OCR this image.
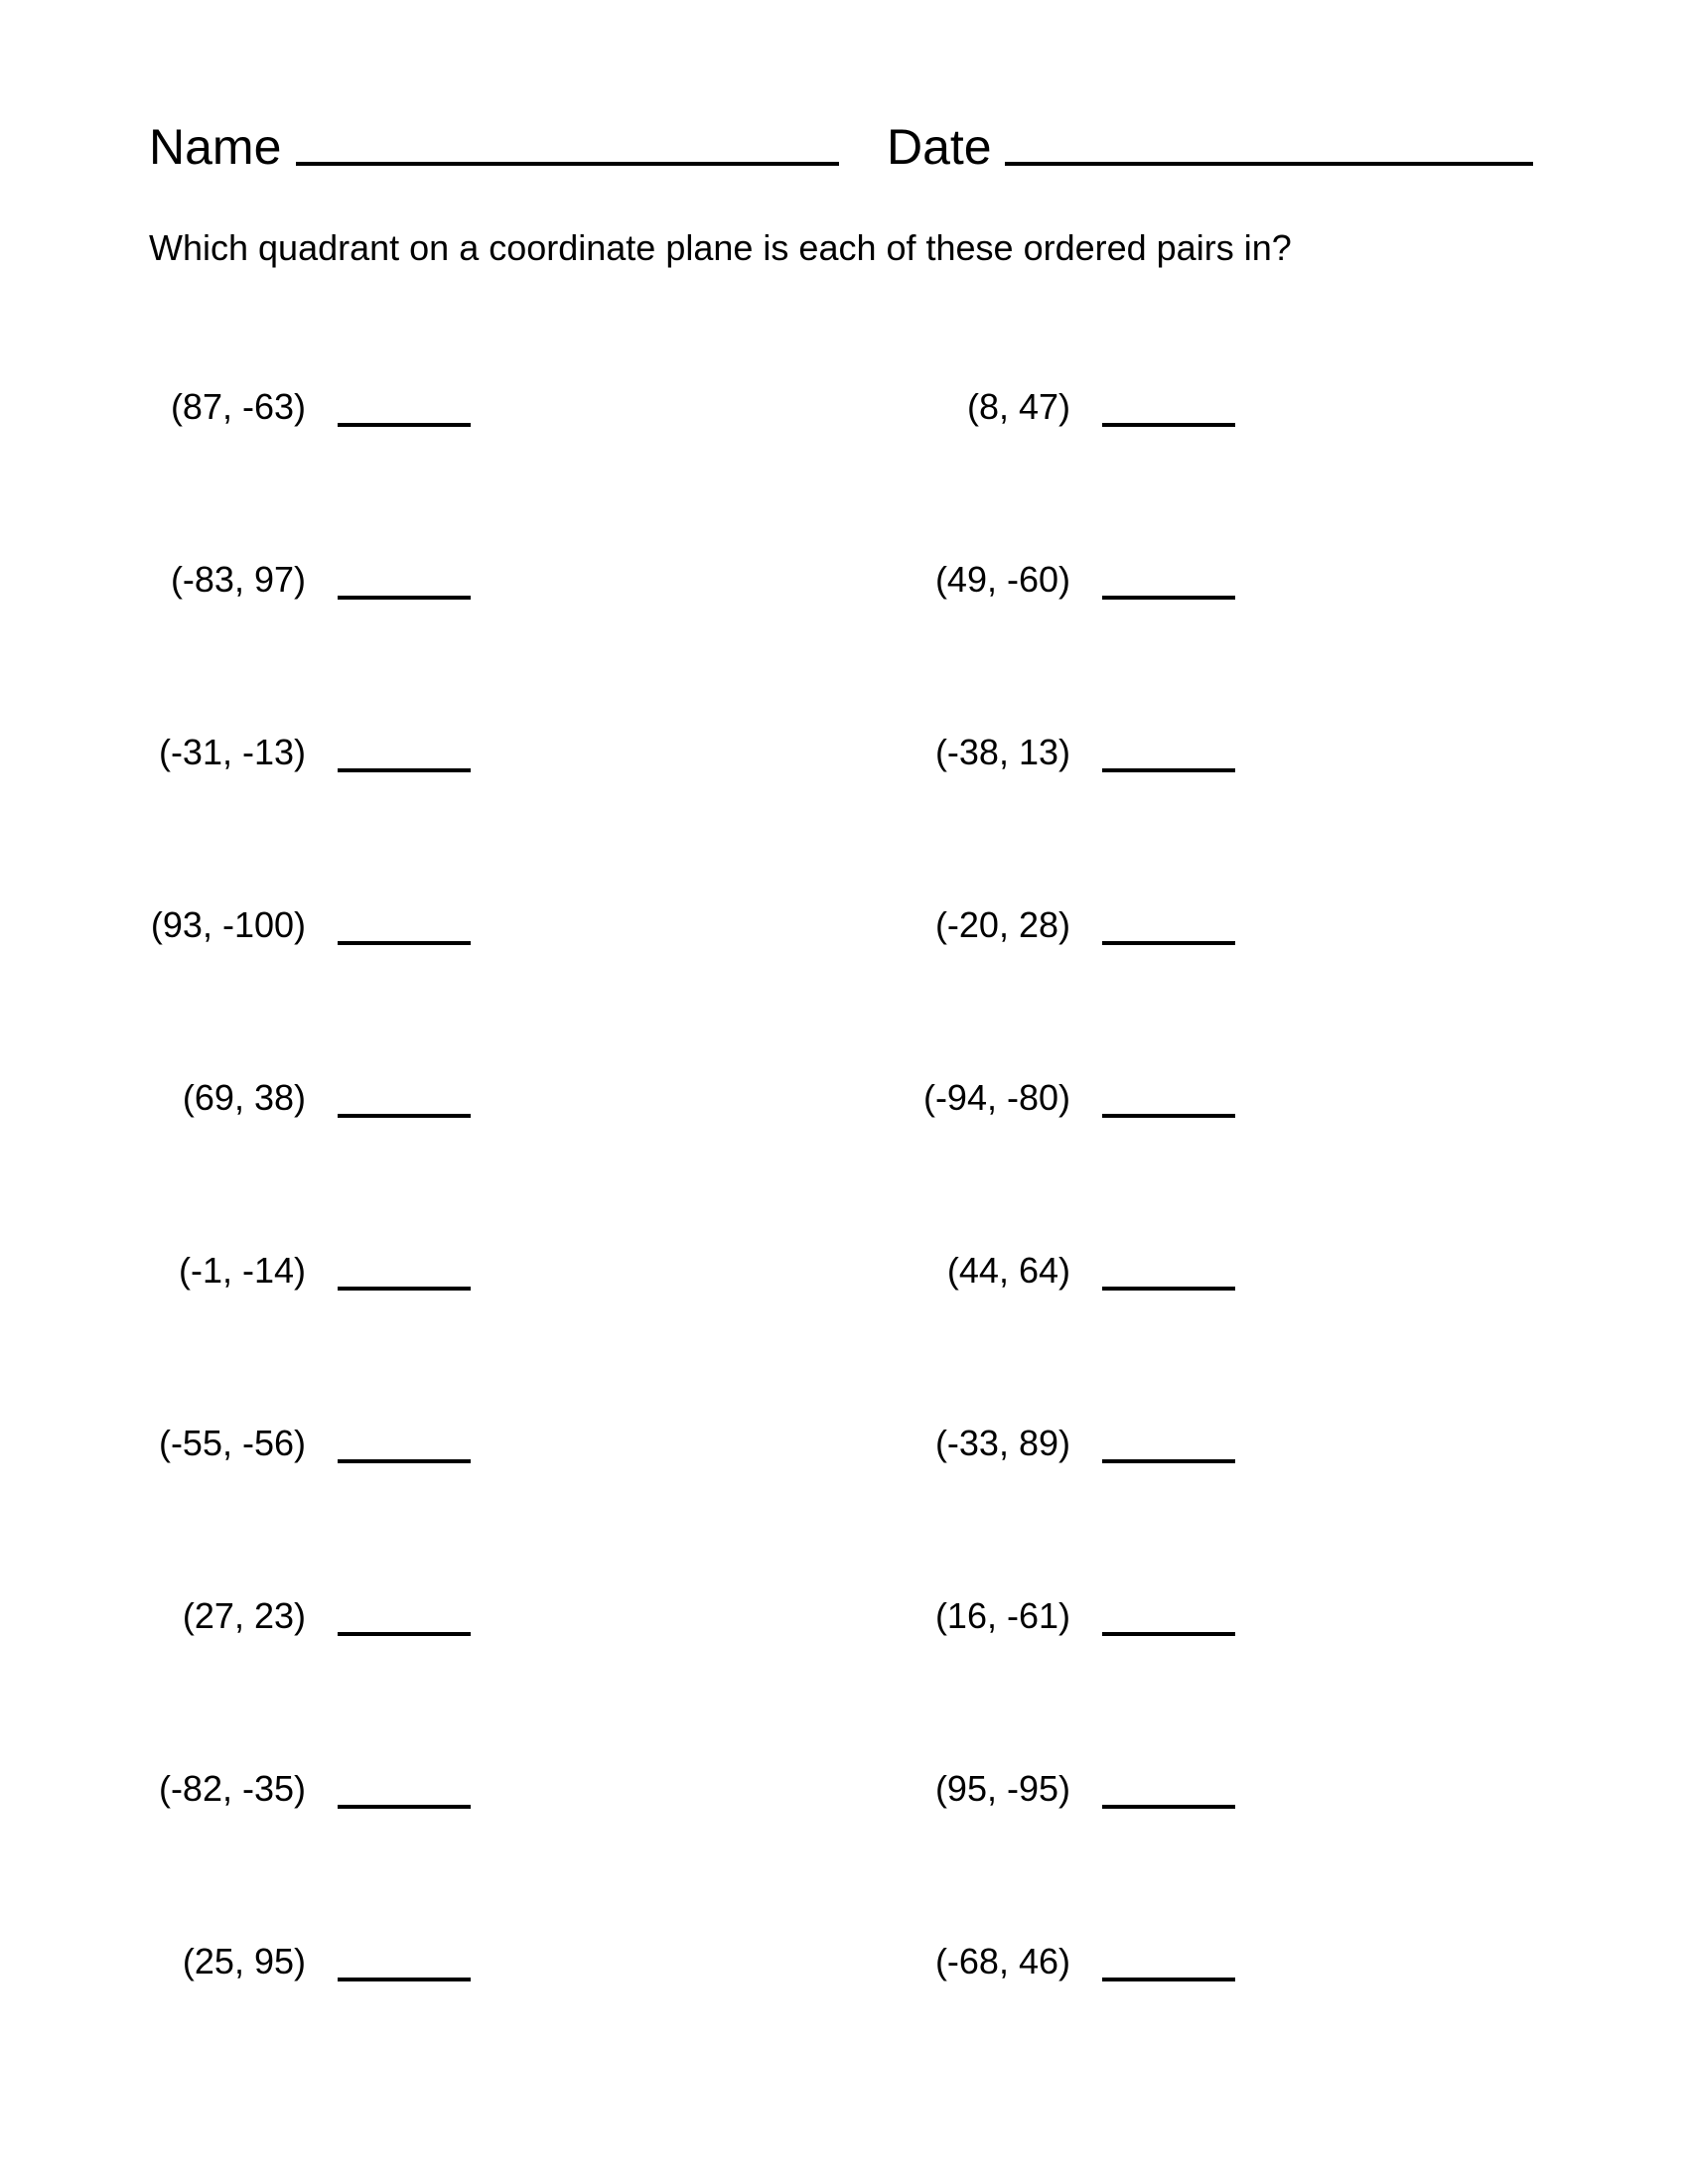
Name	Date
Which quadrant on a coordinate plane is each of these ordered pairs in?
(87, -63)
(-83, 97)
(-31, -13)
(93, -100)
(69, 38)
(-1, -14)
(-55, -56)
(27, 23)
(-82, -35)
(25, 95)
(8, 47)
(49, -60)
(-38, 13)
(-20, 28)
(-94, -80)
(44, 64)
(-33, 89)
(16, -61)
(95, -95)
(-68, 46)
